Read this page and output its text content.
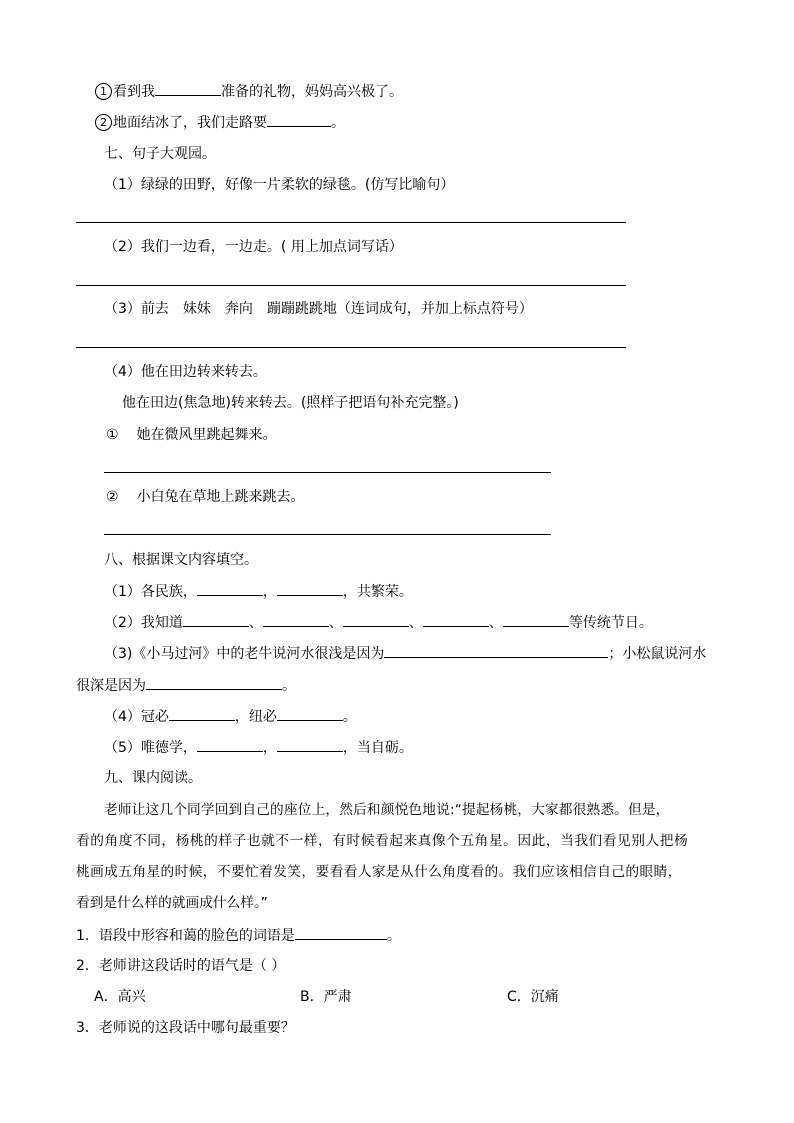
1 看到我	准备的礼物，妈妈高兴极了。
2 地面结冰了，我们走路要	。
七、句子大观园。
（1）绿绿的田野，好像一片柔软的绿毯。(仿写比喻句）
（2）我们一边看，一边走。( 用上加点词写话）
（3）前去 妹妹 奔向 蹦蹦跳跳地（连词成句，并加上标点符号）
（4）他在田边转来转去。
他在田边(焦急地)转来转去。(照样子把语句补充完整。)
① 她在微风里跳起舞来。
② 小白兔在草地上跳来跳去。
八、根据课文内容填空。
（1）各民族，	，	，共繁荣。
（2）我知道	、	、	、	、	等传统节日。
（3)《小马过河》中的老牛说河水很浅是因为	；小松鼠说河水
很深是因为	。
（4）冠必	，纽必	。
（5）唯德学，	，	，当自砺。
九、课内阅读。
老师让这几个同学回到自己的座位上，然后和颜悦色地说:“提起杨桃，大家都很熟悉。但是，
看的角度不同，杨桃的样子也就不一样，有时候看起来真像个五角星。因此，当我们看见别人把杨
桃画成五角星的时候，不要忙着发笑，要看看人家是从什么角度看的。我们应该相信自己的眼睛，
看到是什么样的就画成什么样。”
1．语段中形容和蔼的脸色的词语是	。
2．老师讲这段话时的语气是（ ）
A．高兴	B．严肃	C．沉痛
3．老师说的这段话中哪句最重要？
